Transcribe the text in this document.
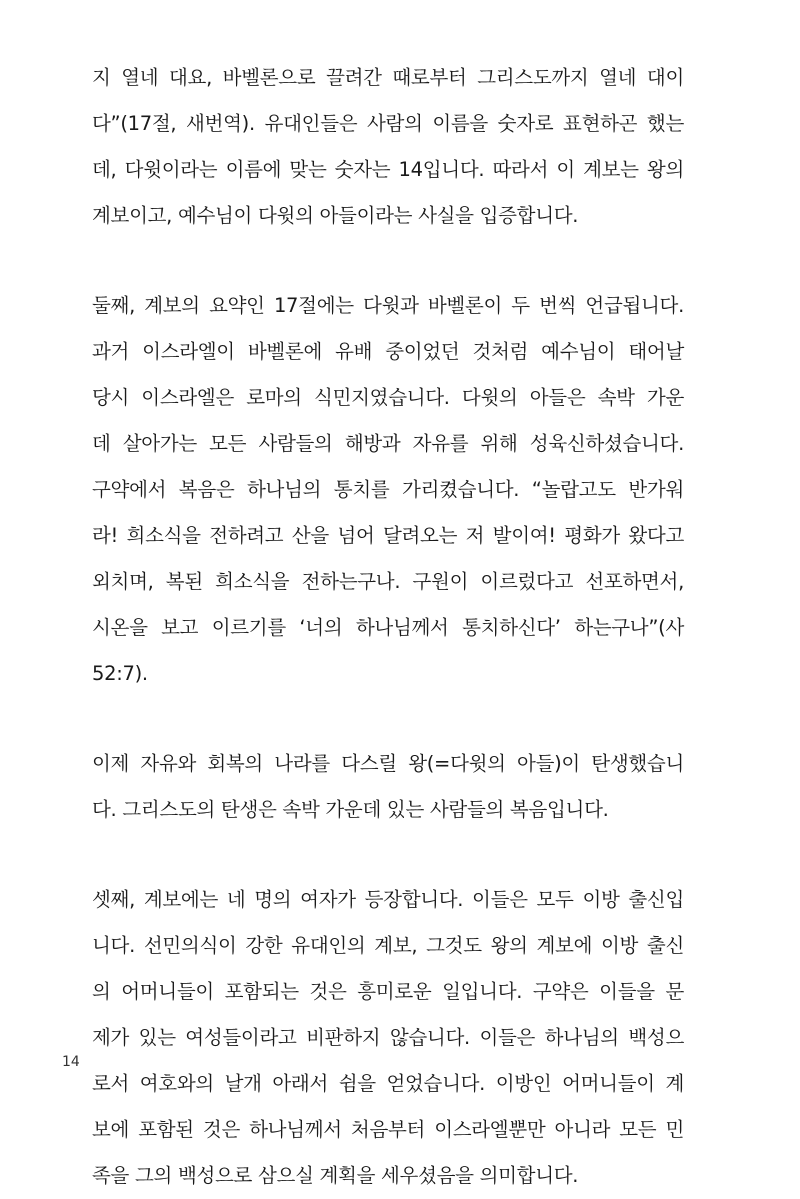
지 열네 대요, 바벨론으로 끌려간 때로부터 그리스도까지 열네 대이
다”(17절, 새번역). 유대인들은 사람의 이름을 숫자로 표현하곤 했는
데, 다윗이라는 이름에 맞는 숫자는 14입니다. 따라서 이 계보는 왕의
계보이고, 예수님이 다윗의 아들이라는 사실을 입증합니다.

둘째, 계보의 요약인 17절에는 다윗과 바벨론이 두 번씩 언급됩니다.
과거 이스라엘이 바벨론에 유배 중이었던 것처럼 예수님이 태어날
당시 이스라엘은 로마의 식민지였습니다. 다윗의 아들은 속박 가운
데 살아가는 모든 사람들의 해방과 자유를 위해 성육신하셨습니다.
구약에서 복음은 하나님의 통치를 가리켰습니다. “놀랍고도 반가워
라! 희소식을 전하려고 산을 넘어 달려오는 저 발이여! 평화가 왔다고
외치며, 복된 희소식을 전하는구나. 구원이 이르렀다고 선포하면서,
시온을 보고 이르기를 ‘너의 하나님께서 통치하신다’ 하는구나”(사
52:7).

이제 자유와 회복의 나라를 다스릴 왕(=다윗의 아들)이 탄생했습니
다. 그리스도의 탄생은 속박 가운데 있는 사람들의 복음입니다.

셋째, 계보에는 네 명의 여자가 등장합니다. 이들은 모두 이방 출신입
니다. 선민의식이 강한 유대인의 계보, 그것도 왕의 계보에 이방 출신
의 어머니들이 포함되는 것은 흥미로운 일입니다. 구약은 이들을 문
제가 있는 여성들이라고 비판하지 않습니다. 이들은 하나님의 백성으
로서 여호와의 날개 아래서 쉼을 얻었습니다. 이방인 어머니들이 계
보에 포함된 것은 하나님께서 처음부터 이스라엘뿐만 아니라 모든 민
족을 그의 백성으로 삼으실 계획을 세우셨음을 의미합니다.

14
